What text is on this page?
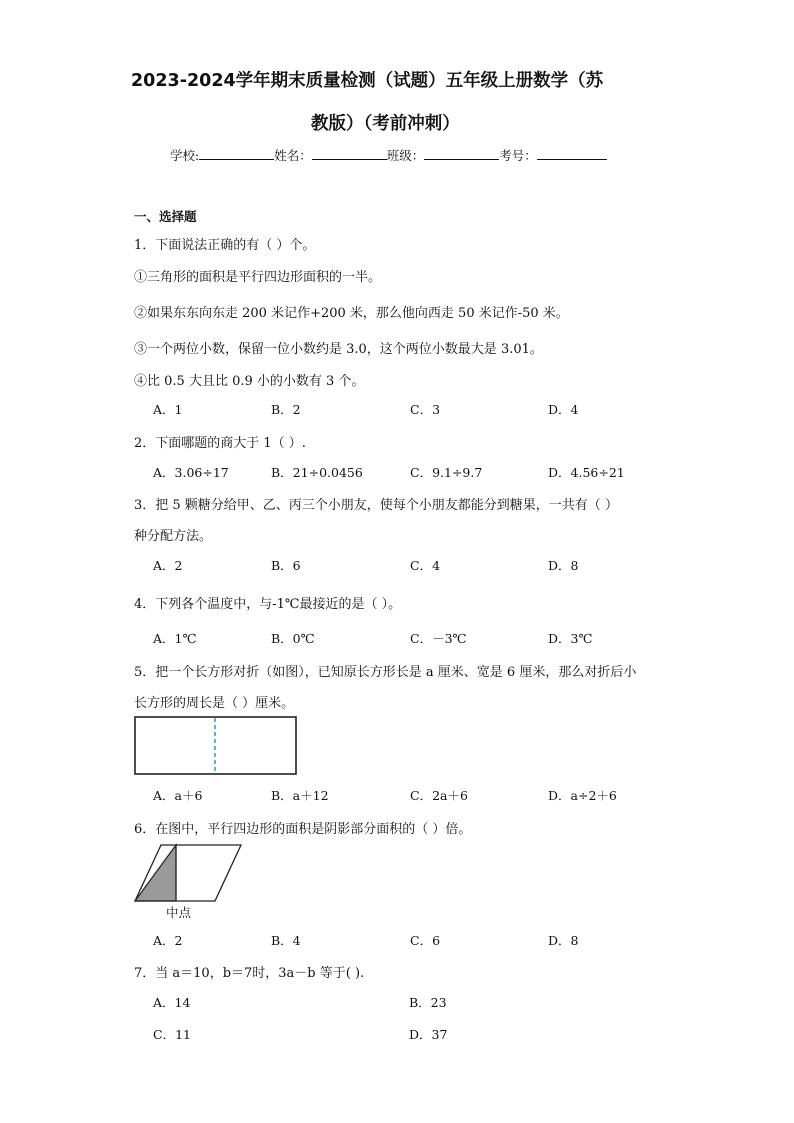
2023-2024学年期末质量检测（试题）五年级上册数学（苏
教版）（考前冲刺）
学校:	姓名：	班级：	考号：
一、选择题
1．下面说法正确的有（ ）个。
①三角形的面积是平行四边形面积的一半。
②如果东东向东走 200 米记作+200 米，那么他向西走 50 米记作-50 米。
③一个两位小数，保留一位小数约是 3.0，这个两位小数最大是 3.01。
④比 0.5 大且比 0.9 小的小数有 3 个。
A．1	B．2	C．3	D．4
2．下面哪题的商大于 1（ ）.
A．3.06÷17	B．21÷0.0456	C．9.1÷9.7	D．4.56÷21
3．把 5 颗糖分给甲、乙、丙三个小朋友，使每个小朋友都能分到糖果，一共有（ ）
种分配方法。
A．2	B．6	C．4	D．8
4．下列各个温度中，与-1℃最接近的是（ ）。
A．1℃	B．0℃	C．－3℃	D．3℃
5．把一个长方形对折（如图），已知原长方形长是 a 厘米、宽是 6 厘米，那么对折后小
长方形的周长是（ ）厘米。
A．a＋6	B．a＋12	C．2a＋6	D．a÷2＋6
6．在图中，平行四边形的面积是阴影部分面积的（ ）倍。
中点
A．2	B．4	C．6	D．8
7．当 a＝10，b＝7时，3a－b 等于( ).
A．14	B．23
C．11	D．37
